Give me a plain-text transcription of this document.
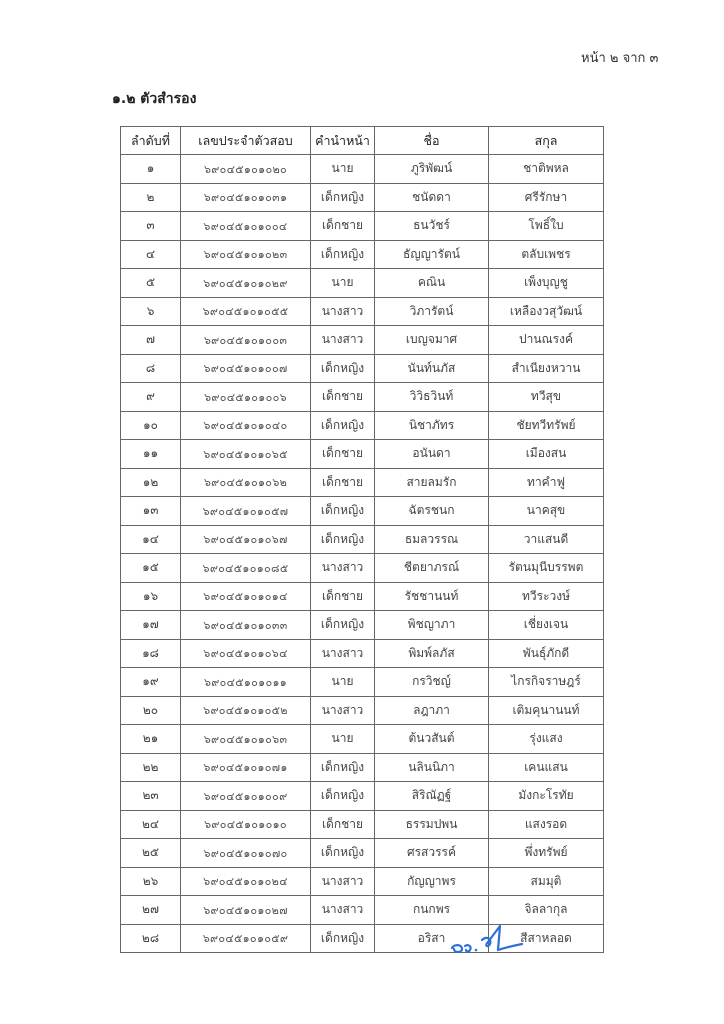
หน้า ๒ จาก ๓
๑.๒ ตัวสำรอง
ลำดับที่	เลขประจำตัวสอบ	คำนำหน้า	ชื่อ	สกุล
๑	๖๙๐๔๕๑๐๑๐๒๐	นาย	ภูริพัฒน์	ชาติพหล
๒	๖๙๐๔๕๑๐๑๐๓๑	เด็กหญิง	ชนัดดา	ศรีรักษา
๓	๖๙๐๔๕๑๐๑๐๐๔	เด็กชาย	ธนวัชร์	โพธิ์ใบ
๔	๖๙๐๔๕๑๐๑๐๒๓	เด็กหญิง	ธัญญารัตน์	ตลับเพชร
๕	๖๙๐๔๕๑๐๑๐๒๙	นาย	คณิน	เพ็งบุญชู
๖	๖๙๐๔๕๑๐๑๐๕๕	นางสาว	วิภารัตน์	เหลืองวสุวัฒน์
๗	๖๙๐๔๕๑๐๑๐๐๓	นางสาว	เบญจมาศ	ปานณรงค์
๘	๖๙๐๔๕๑๐๑๐๐๗	เด็กหญิง	นันท์นภัส	สำเนียงหวาน
๙	๖๙๐๔๕๑๐๑๐๐๖	เด็กชาย	วิวิธวินท์	ทวีสุข
๑๐	๖๙๐๔๕๑๐๑๐๔๐	เด็กหญิง	นิชาภัทร	ชัยทวีทรัพย์
๑๑	๖๙๐๔๕๑๐๑๐๖๕	เด็กชาย	อนันดา	เมืองสน
๑๒	๖๙๐๔๕๑๐๑๐๖๒	เด็กชาย	สายลมรัก	ทาคำฟู
๑๓	๖๙๐๔๕๑๐๑๐๕๗	เด็กหญิง	ฉัตรชนก	นาคสุข
๑๔	๖๙๐๔๕๑๐๑๐๖๗	เด็กหญิง	ธมลวรรณ	วาแสนดี
๑๕	๖๙๐๔๕๑๐๑๐๘๕	นางสาว	ชีตยาภรณ์	รัตนมุนีบรรพต
๑๖	๖๙๐๔๕๑๐๑๐๑๔	เด็กชาย	รัชชานนท์	ทวีระวงษ์
๑๗	๖๙๐๔๕๑๐๑๐๓๓	เด็กหญิง	พิชญาภา	เชี่ยงเจน
๑๘	๖๙๐๔๕๑๐๑๐๖๔	นางสาว	พิมพ์ลภัส	พันธุ์ภักดี
๑๙	๖๙๐๔๕๑๐๑๐๑๑	นาย	กรวิชญ์	ไกรกิจราษฎร์
๒๐	๖๙๐๔๕๑๐๑๐๕๒	นางสาว	ลฎาภา	เติมคุนานนท์
๒๑	๖๙๐๔๕๑๐๑๐๖๓	นาย	ต้นวสันต์	รุ่งแสง
๒๒	๖๙๐๔๕๑๐๑๐๗๑	เด็กหญิง	นลินนิภา	เคนแสน
๒๓	๖๙๐๔๕๑๐๑๐๐๙	เด็กหญิง	สิริณัฏฐ์	มังกะโรทัย
๒๔	๖๙๐๔๕๑๐๑๐๑๐	เด็กชาย	ธรรมปพน	แสงรอด
๒๕	๖๙๐๔๕๑๐๑๐๗๐	เด็กหญิง	ศรสวรรค์	พึ่งทรัพย์
๒๖	๖๙๐๔๕๑๐๑๐๒๔	นางสาว	กัญญาพร	สมมุติ
๒๗	๖๙๐๔๕๑๐๑๐๒๗	นางสาว	กนกพร	จิลลากุล
๒๘	๖๙๐๔๕๑๐๑๐๕๙	เด็กหญิง	อริสา	สีสาหลอด
